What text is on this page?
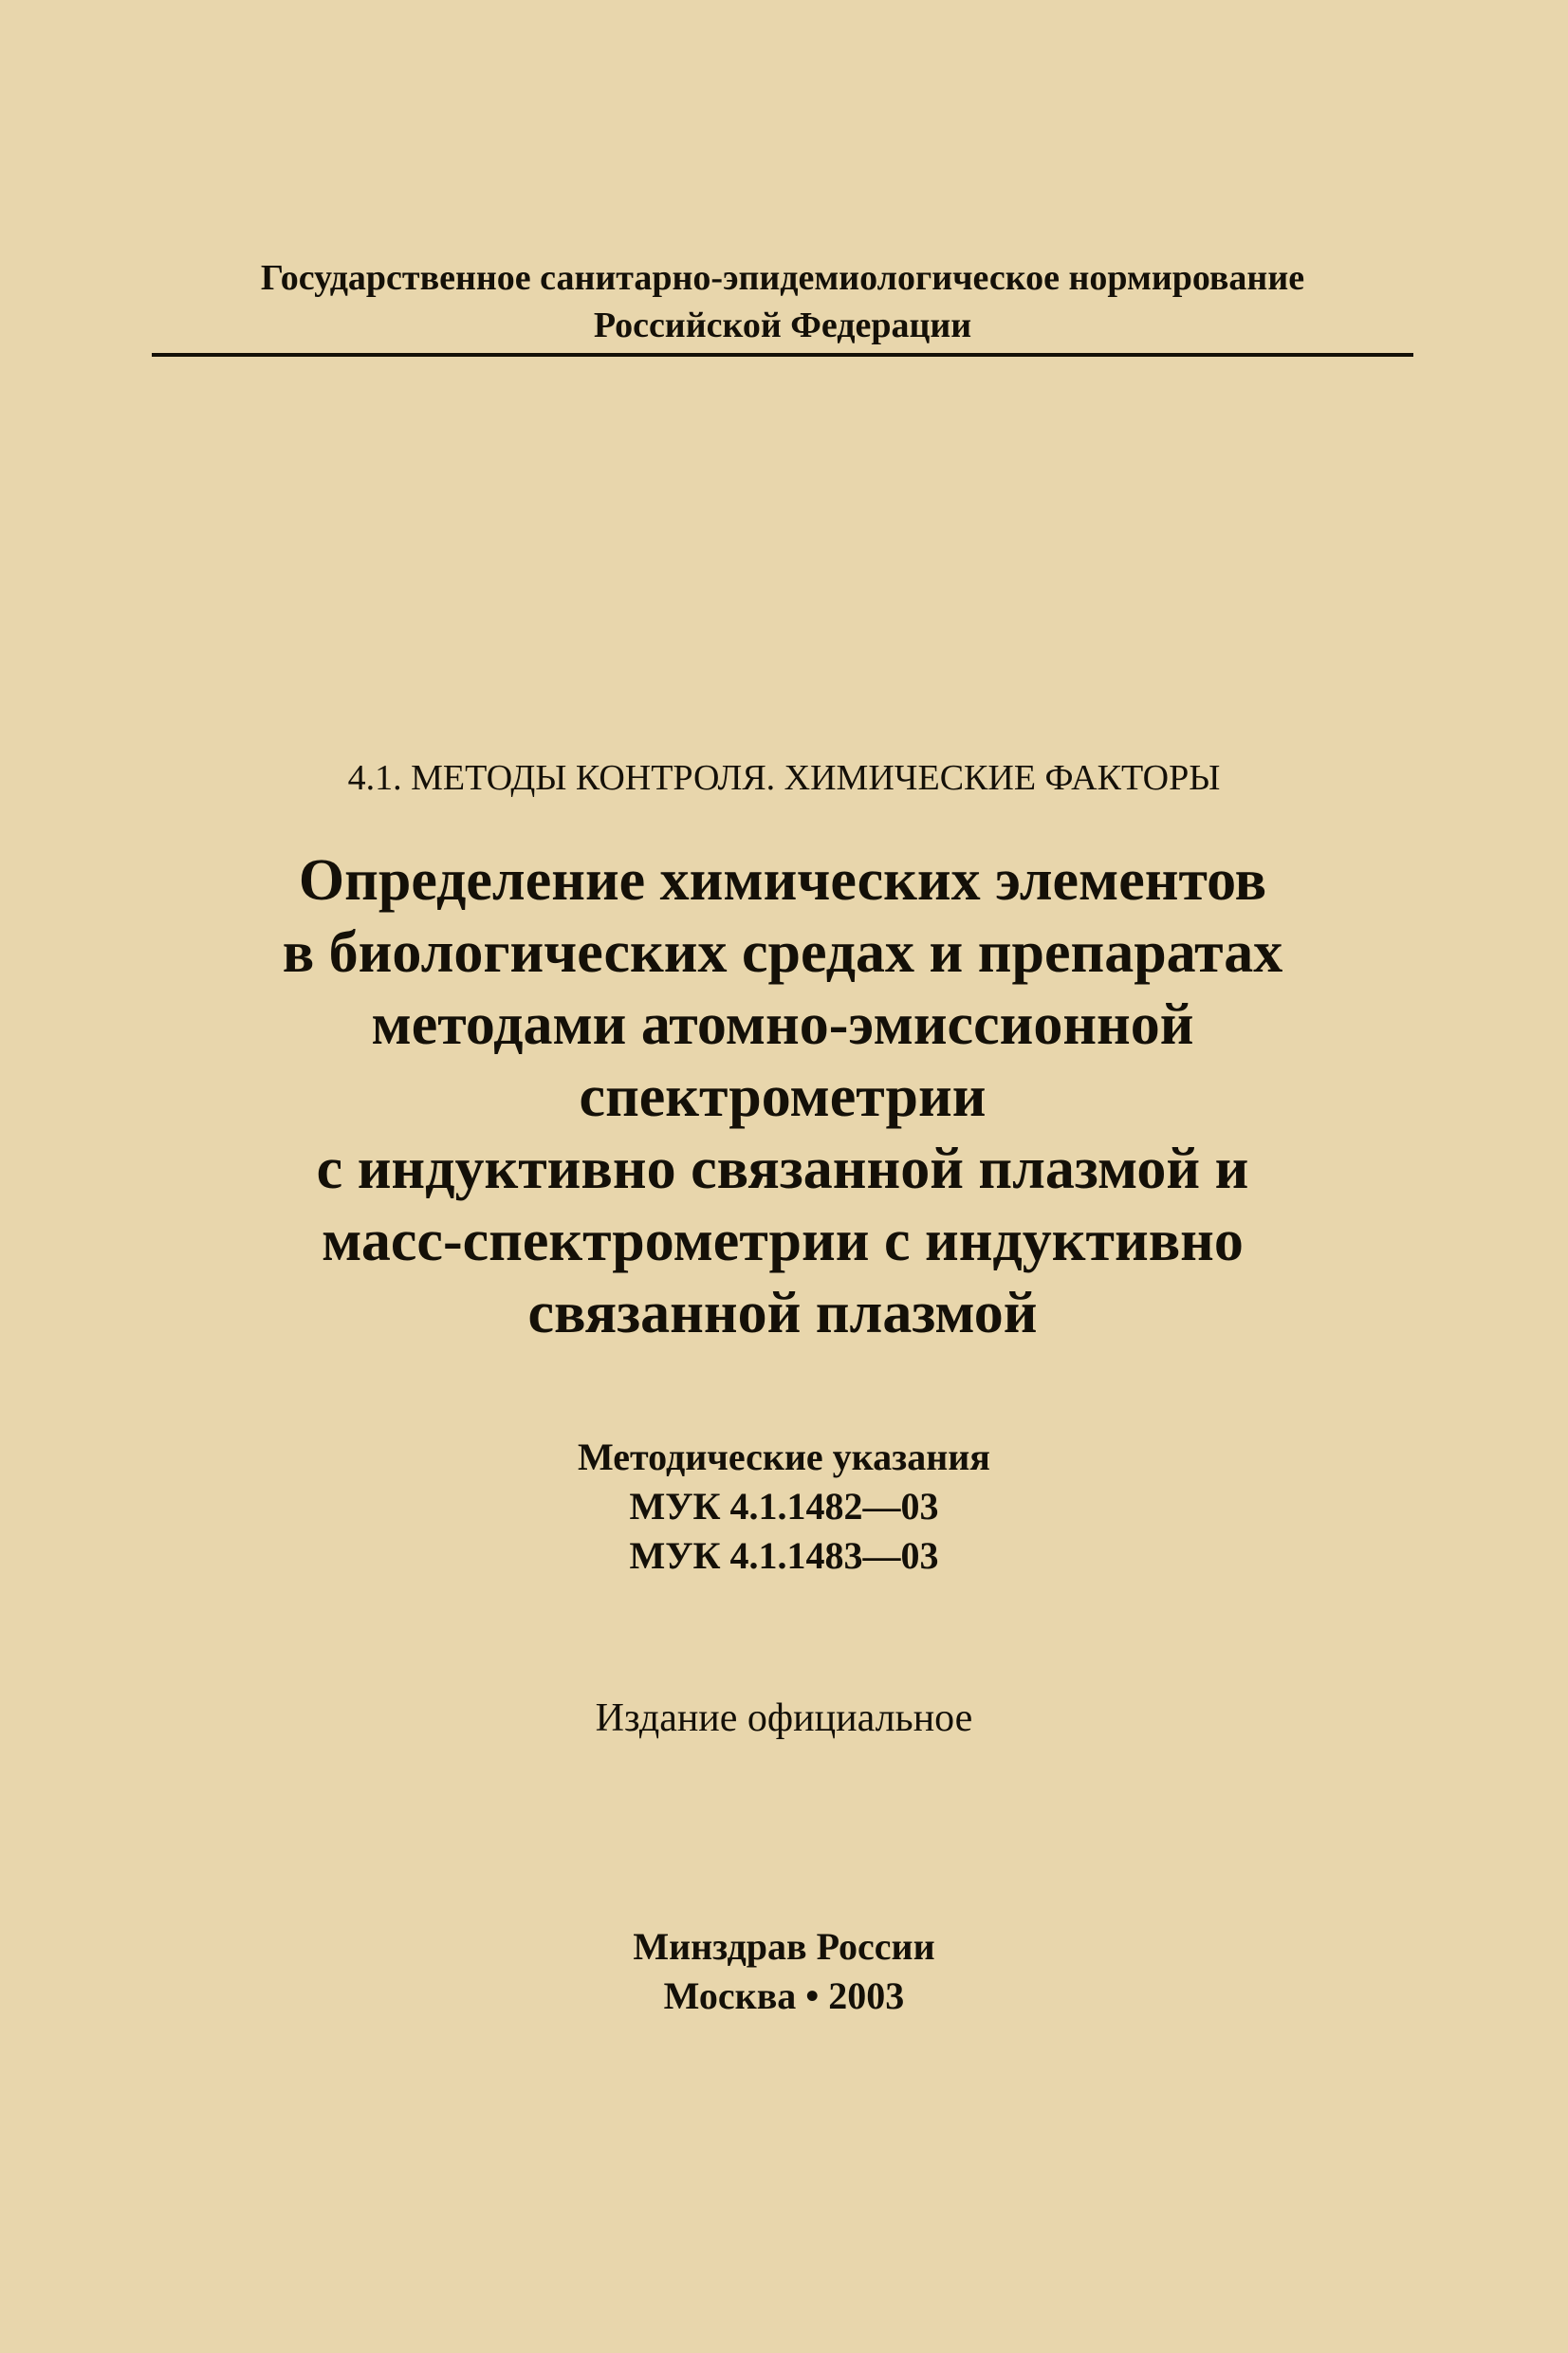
Государственное санитарно-эпидемиологическое нормирование
Российской Федерации
4.1. МЕТОДЫ КОНТРОЛЯ. ХИМИЧЕСКИЕ ФАКТОРЫ
Определение химических элементов
в биологических средах и препаратах
методами атомно-эмиссионной
спектрометрии
с индуктивно связанной плазмой и
масс-спектрометрии с индуктивно
связанной плазмой
Методические указания
МУК 4.1.1482—03
МУК 4.1.1483—03
Издание официальное
Минздрав России
Москва • 2003
